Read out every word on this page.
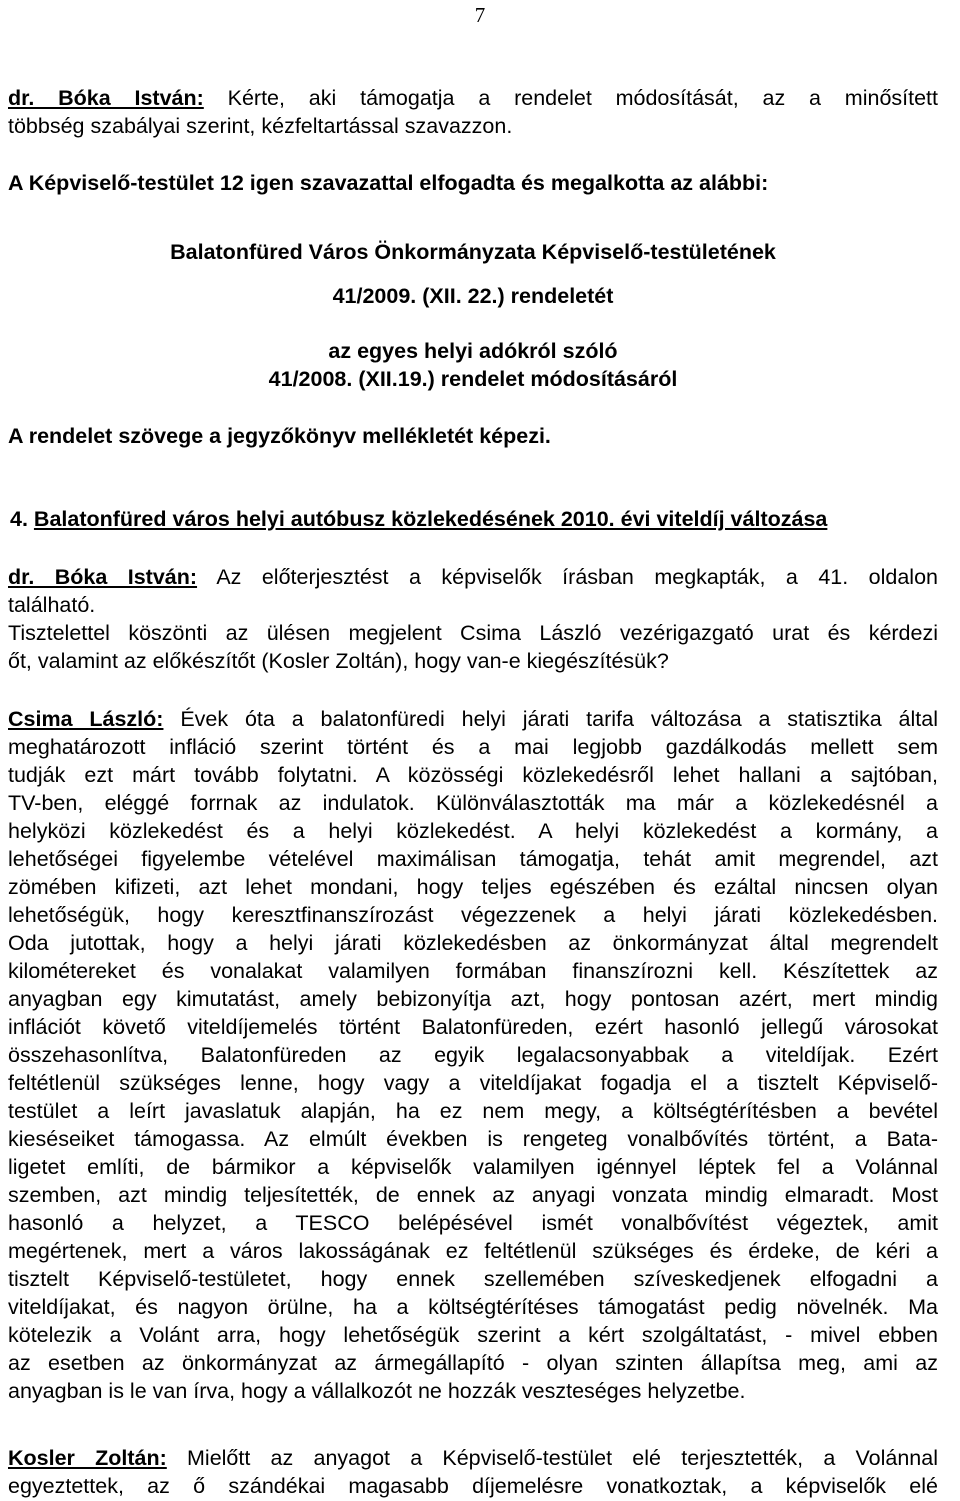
7
dr. Bóka István: Kérte, aki támogatja a rendelet módosítását, az a minősített
többség szabályai szerint, kézfeltartással szavazzon.
A Képviselő-testület 12 igen szavazattal elfogadta és megalkotta az alábbi:
Balatonfüred Város Önkormányzata Képviselő-testületének
41/2009. (XII. 22.) rendeletét
az egyes helyi adókról szóló
41/2008. (XII.19.) rendelet módosításáról
A rendelet szövege a jegyzőkönyv mellékletét képezi.
4. Balatonfüred város helyi autóbusz közlekedésének 2010. évi viteldíj változása
dr. Bóka István: Az előterjesztést a képviselők írásban megkapták, a 41. oldalon
található.
Tisztelettel köszönti az ülésen megjelent Csima László vezérigazgató urat és kérdezi
őt, valamint az előkészítőt (Kosler Zoltán), hogy van-e kiegészítésük?
Csima László: Évek óta a balatonfüredi helyi járati tarifa változása a statisztika által
meghatározott infláció szerint történt és a mai legjobb gazdálkodás mellett sem
tudják ezt márt tovább folytatni. A közösségi közlekedésről lehet hallani a sajtóban,
TV-ben, eléggé forrnak az indulatok. Különválasztották ma már a közlekedésnél a
helyközi közlekedést és a helyi közlekedést. A helyi közlekedést a kormány, a
lehetőségei figyelembe vételével maximálisan támogatja, tehát amit megrendel, azt
zömében kifizeti, azt lehet mondani, hogy teljes egészében és ezáltal nincsen olyan
lehetőségük, hogy keresztfinanszírozást végezzenek a helyi járati közlekedésben.
Oda jutottak, hogy a helyi járati közlekedésben az önkormányzat által megrendelt
kilométereket és vonalakat valamilyen formában finanszírozni kell. Készítettek az
anyagban egy kimutatást, amely bebizonyítja azt, hogy pontosan azért, mert mindig
inflációt követő viteldíjemelés történt Balatonfüreden, ezért hasonló jellegű városokat
összehasonlítva, Balatonfüreden az egyik legalacsonyabbak a viteldíjak. Ezért
feltétlenül szükséges lenne, hogy vagy a viteldíjakat fogadja el a tisztelt Képviselő-
testület a leírt javaslatuk alapján, ha ez nem megy, a költségtérítésben a bevétel
kieséseiket támogassa. Az elmúlt években is rengeteg vonalbővítés történt, a Bata-
ligetet említi, de bármikor a képviselők valamilyen igénnyel léptek fel a Volánnal
szemben, azt mindig teljesítették, de ennek az anyagi vonzata mindig elmaradt. Most
hasonló a helyzet, a TESCO belépésével ismét vonalbővítést végeztek, amit
megértenek, mert a város lakosságának ez feltétlenül szükséges és érdeke, de kéri a
tisztelt Képviselő-testületet, hogy ennek szellemében szíveskedjenek elfogadni a
viteldíjakat, és nagyon örülne, ha a költségtérítéses támogatást pedig növelnék. Ma
kötelezik a Volánt arra, hogy lehetőségük szerint a kért szolgáltatást, - mivel ebben
az esetben az önkormányzat az ármegállapító - olyan szinten állapítsa meg, ami az
anyagban is le van írva, hogy a vállalkozót ne hozzák veszteséges helyzetbe.
Kosler Zoltán: Mielőtt az anyagot a Képviselő-testület elé terjesztették, a Volánnal
egyeztettek, az ő szándékai magasabb díjemelésre vonatkoztak, a képviselők elé
